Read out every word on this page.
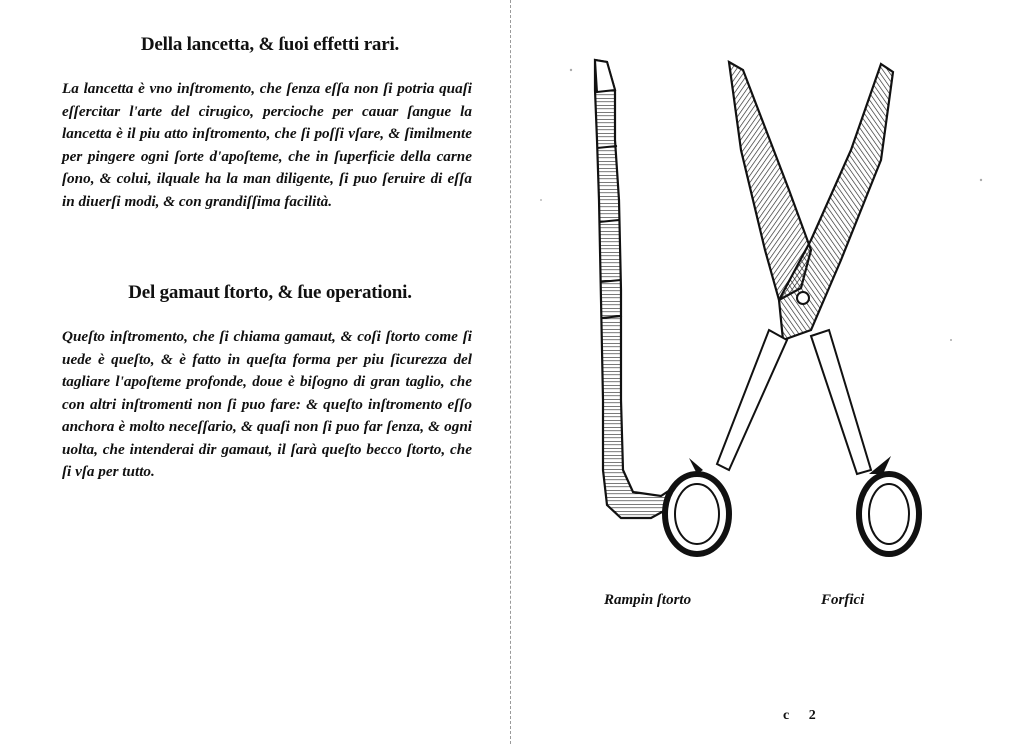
Della lancetta, & ſuoi effetti rari.

La lancetta è vno inſtromento, che ſenza eſſa non ſi potria quaſi eſſercitar l'arte del cirugico, percioche per cauar ſangue la lancetta è il piu atto inſtromento, che ſi poſſi vſare, & ſimilmente per pingere ogni ſorte d'apoſteme, che in ſuperficie della carne ſono, & colui, ilquale ha la man diligente, ſi puo ſeruire di eſſa in diuerſi modi, & con grandiſſima facilità.

Del gamaut ſtorto, & ſue operationi.

Queſto inſtromento, che ſi chiama gamaut, & coſi ſtorto come ſi uede è queſto, & è fatto in queſta forma per piu ſicurezza del tagliare l'apoſteme profonde, doue è biſogno di gran taglio, che con altri inſtromenti non ſi puo fare: & queſto inſtromento eſſo anchora è molto neceſſario, & quaſi non ſi puo far ſenza, & ogni uolta, che intenderai dir gamaut, il ſarà queſto becco ſtorto, che ſi vſa per tutto.

Rampin ſtorto	Forfici
c 2
